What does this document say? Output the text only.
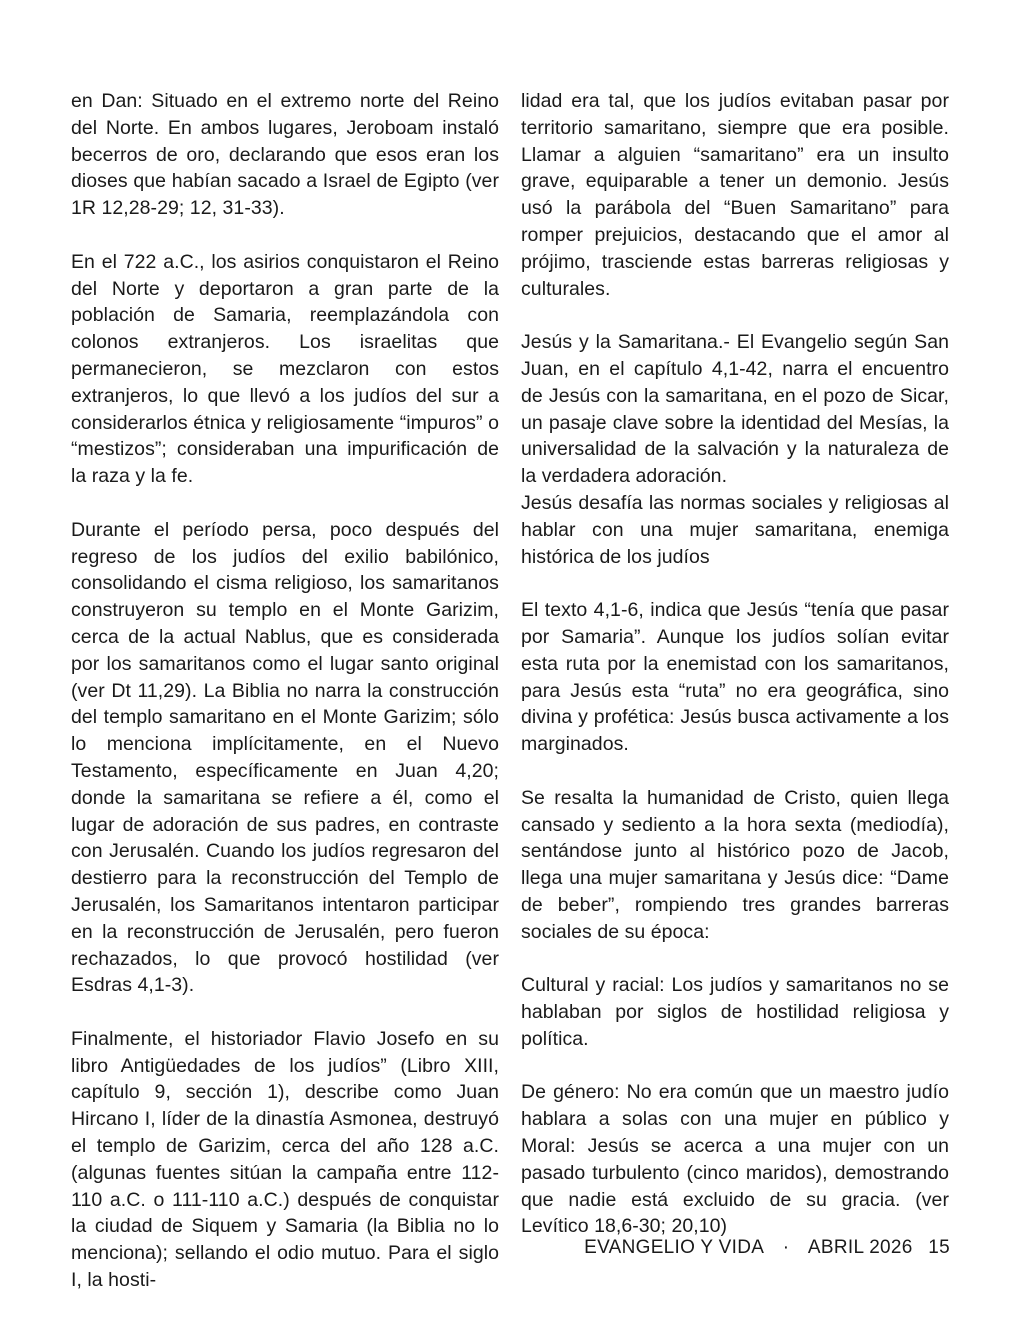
en Dan: Situado en el extremo norte del Reino del Norte. En ambos lugares, Jeroboam instaló becerros de oro, declarando que esos eran los dioses que habían sacado a Israel de Egipto (ver 1R 12,28-29; 12, 31-33).

En el 722 a.C., los asirios conquistaron el Reino del Norte y deportaron a gran parte de la población de Samaria, reemplazándola con colonos extranjeros. Los israelitas que permanecieron, se mezclaron con estos extranjeros, lo que llevó a los judíos del sur a considerarlos étnica y religiosamente “impuros” o “mestizos”; consideraban una impurificación de la raza y la fe.

Durante el período persa, poco después del regreso de los judíos del exilio babilónico, consolidando el cisma religioso, los samaritanos construyeron su templo en el Monte Garizim, cerca de la actual Nablus, que es considerada por los samaritanos como el lugar santo original (ver Dt 11,29). La Biblia no narra la construcción del templo samaritano en el Monte Garizim; sólo lo menciona implícitamente, en el Nuevo Testamento, específicamente en Juan 4,20; donde la samaritana se refiere a él, como el lugar de adoración de sus padres, en contraste con Jerusalén. Cuando los judíos regresaron del destierro para la reconstrucción del Templo de Jerusalén, los Samaritanos intentaron participar en la reconstrucción de Jerusalén, pero fueron rechazados, lo que provocó hostilidad (ver Esdras 4,1-3).

Finalmente, el historiador Flavio Josefo en su libro Antigüedades de los judíos” (Libro XIII, capítulo 9, sección 1), describe como Juan Hircano I, líder de la dinastía Asmonea, destruyó el templo de Garizim, cerca del año 128 a.C. (algunas fuentes sitúan la campaña entre 112-110 a.C. o 111-110 a.C.) después de conquistar la ciudad de Siquem y Samaria (la Biblia no lo menciona); sellando el odio mutuo. Para el siglo I, la hosti-

lidad era tal, que los judíos evitaban pasar por territorio samaritano, siempre que era posible. Llamar a alguien “samaritano” era un insulto grave, equiparable a tener un demonio. Jesús usó la parábola del “Buen Samaritano” para romper prejuicios, destacando que el amor al prójimo, trasciende estas barreras religiosas y culturales.

Jesús y la Samaritana.- El Evangelio según San Juan, en el capítulo 4,1-42, narra el encuentro de Jesús con la samaritana, en el pozo de Sicar, un pasaje clave sobre la identidad del Mesías, la universalidad de la salvación y la naturaleza de la verdadera adoración.

Jesús desafía las normas sociales y religiosas al hablar con una mujer samaritana, enemiga histórica de los judíos

El texto 4,1-6, indica que Jesús “tenía que pasar por Samaria”. Aunque los judíos solían evitar esta ruta por la enemistad con los samaritanos, para Jesús esta “ruta” no era geográfica, sino divina y profética: Jesús busca activamente a los marginados.

Se resalta la humanidad de Cristo, quien llega cansado y sediento a la hora sexta (mediodía), sentándose junto al histórico pozo de Jacob, llega una mujer samaritana y Jesús dice: “Dame de beber”, rompiendo tres grandes barreras sociales de su época:

Cultural y racial: Los judíos y samaritanos no se hablaban por siglos de hostilidad religiosa y política.

De género: No era común que un maestro judío hablara a solas con una mujer en público y Moral: Jesús se acerca a una mujer con un pasado turbulento (cinco maridos), demostrando que nadie está excluido de su gracia. (ver Levítico 18,6-30; 20,10)

EVANGELIO Y VIDA · ABRIL 2026 15
